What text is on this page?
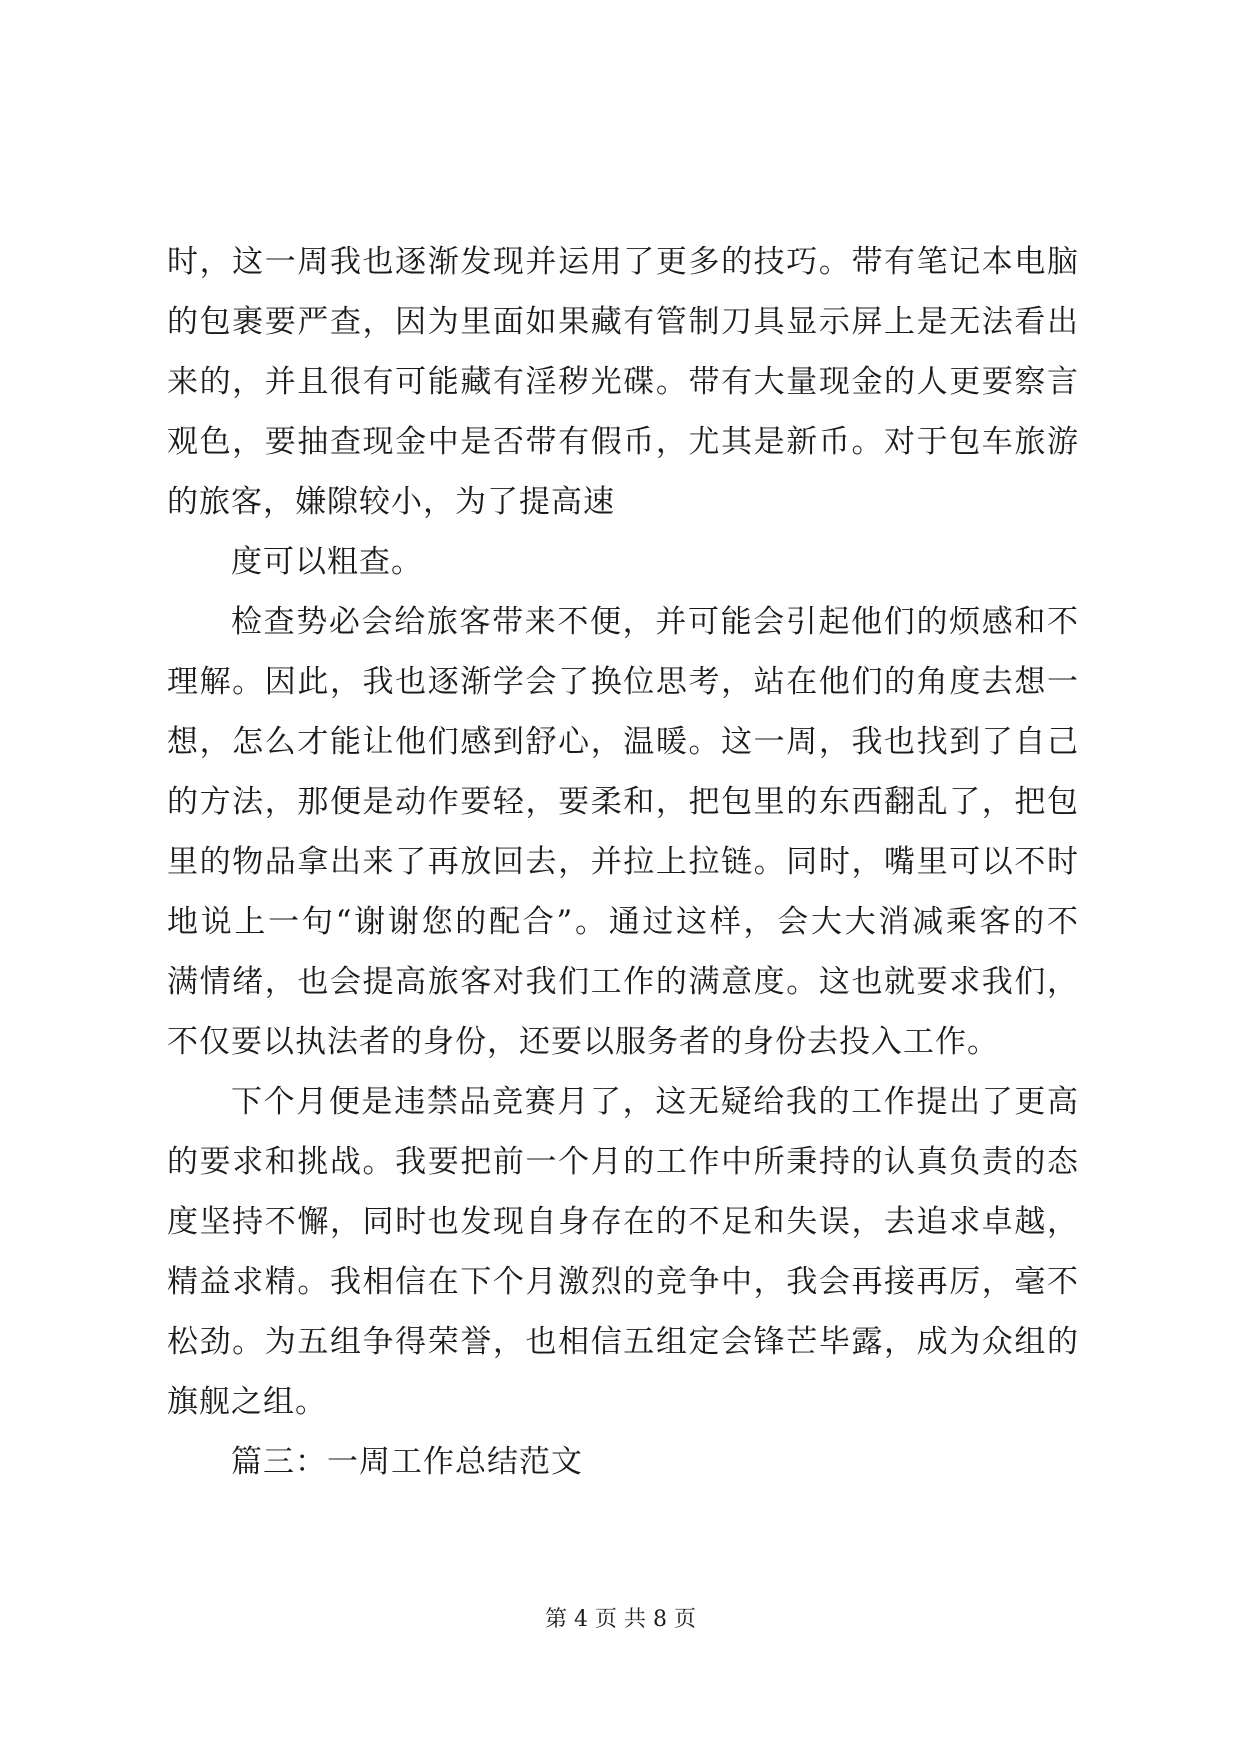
时，这一周我也逐渐发现并运用了更多的技巧。带有笔记本电脑
的包裹要严查，因为里面如果藏有管制刀具显示屏上是无法看出
来的，并且很有可能藏有淫秽光碟。带有大量现金的人更要察言
观色，要抽查现金中是否带有假币，尤其是新币。对于包车旅游
的旅客，嫌隙较小，为了提高速
度可以粗查。
检查势必会给旅客带来不便，并可能会引起他们的烦感和不
理解。因此，我也逐渐学会了换位思考，站在他们的角度去想一
想，怎么才能让他们感到舒心，温暖。这一周，我也找到了自己
的方法，那便是动作要轻，要柔和，把包里的东西翻乱了，把包
里的物品拿出来了再放回去，并拉上拉链。同时，嘴里可以不时
地说上一句“谢谢您的配合”。通过这样，会大大消减乘客的不
满情绪，也会提高旅客对我们工作的满意度。这也就要求我们，
不仅要以执法者的身份，还要以服务者的身份去投入工作。
下个月便是违禁品竞赛月了，这无疑给我的工作提出了更高
的要求和挑战。我要把前一个月的工作中所秉持的认真负责的态
度坚持不懈，同时也发现自身存在的不足和失误，去追求卓越，
精益求精。我相信在下个月激烈的竞争中，我会再接再厉，毫不
松劲。为五组争得荣誉，也相信五组定会锋芒毕露，成为众组的
旗舰之组。
篇三：一周工作总结范文
第 4 页 共 8 页
